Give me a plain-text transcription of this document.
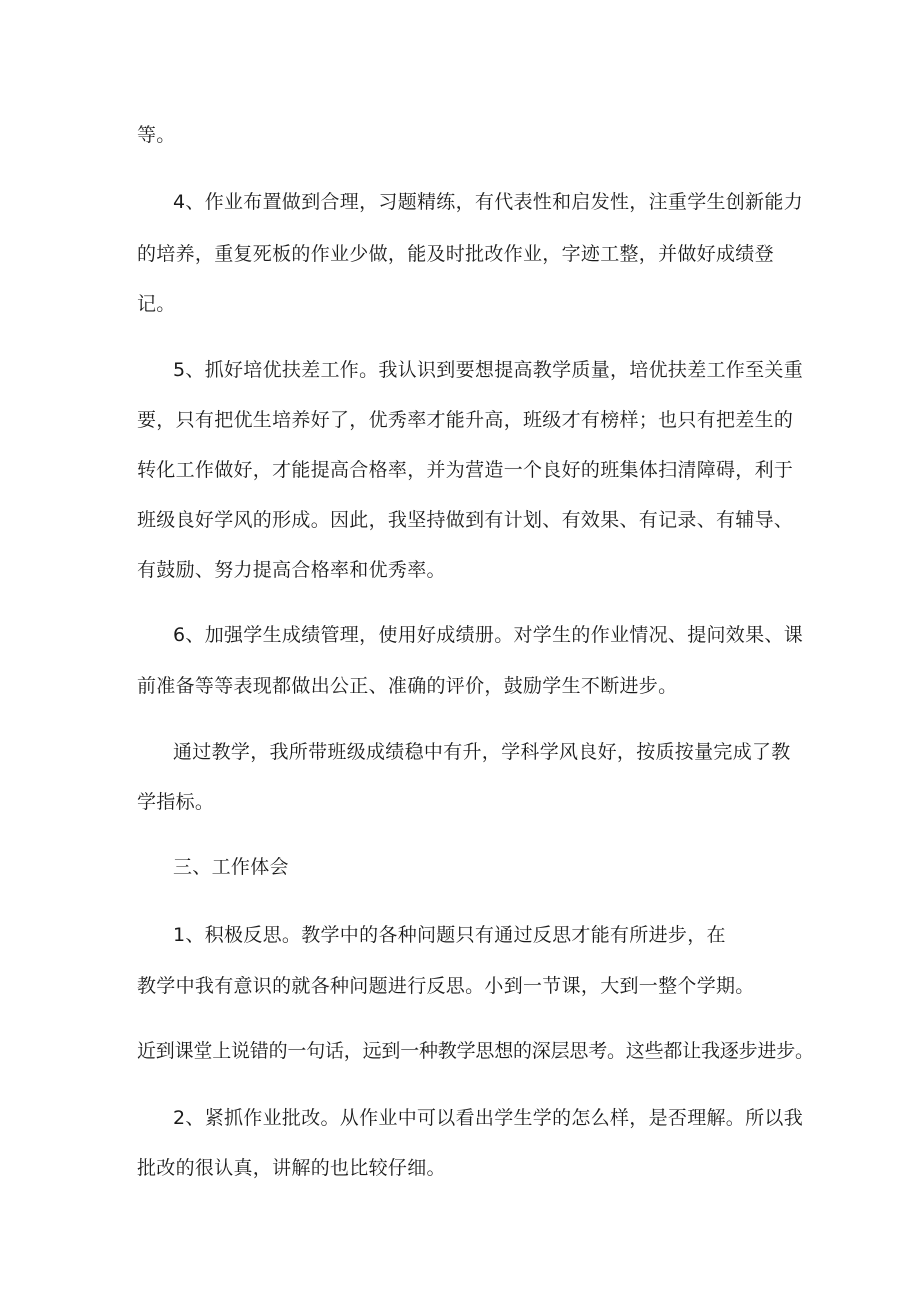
等。
4、作业布置做到合理，习题精练，有代表性和启发性，注重学生创新能力
的培养，重复死板的作业少做，能及时批改作业，字迹工整，并做好成绩登
记。
5、抓好培优扶差工作。我认识到要想提高教学质量，培优扶差工作至关重
要，只有把优生培养好了，优秀率才能升高，班级才有榜样；也只有把差生的
转化工作做好，才能提高合格率，并为营造一个良好的班集体扫清障碍，利于
班级良好学风的形成。因此，我坚持做到有计划、有效果、有记录、有辅导、
有鼓励、努力提高合格率和优秀率。
6、加强学生成绩管理，使用好成绩册。对学生的作业情况、提问效果、课
前准备等等表现都做出公正、准确的评价，鼓励学生不断进步。
通过教学，我所带班级成绩稳中有升，学科学风良好，按质按量完成了教
学指标。
三、工作体会
1、积极反思。教学中的各种问题只有通过反思才能有所进步，在
教学中我有意识的就各种问题进行反思。小到一节课，大到一整个学期。
近到课堂上说错的一句话，远到一种教学思想的深层思考。这些都让我逐步进步。
2、紧抓作业批改。从作业中可以看出学生学的怎么样，是否理解。所以我
批改的很认真，讲解的也比较仔细。
